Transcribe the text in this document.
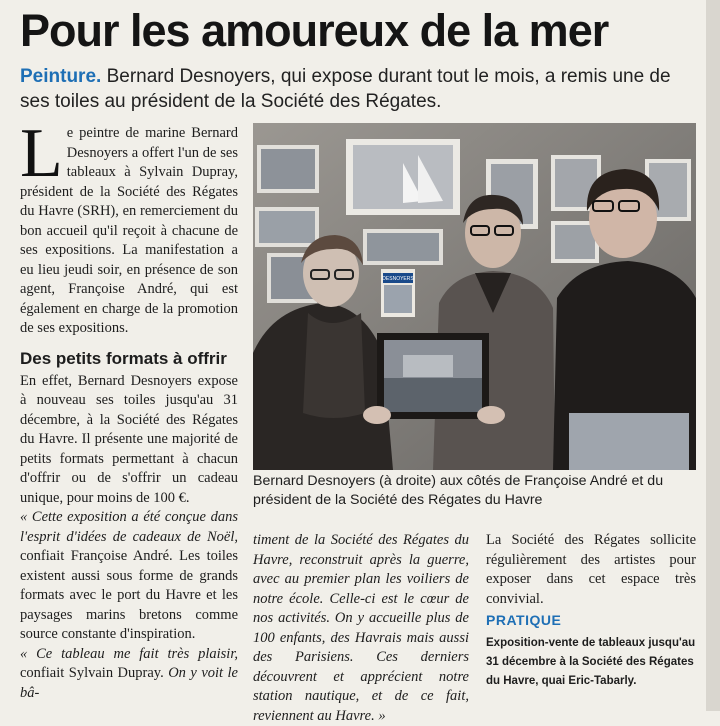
Pour les amoureux de la mer
Peinture. Bernard Desnoyers, qui expose durant tout le mois, a remis une de ses toiles au président de la Société des Régates.

Le peintre de marine Bernard Desnoyers a offert l'un de ses tableaux à Sylvain Dupray, président de la Société des Régates du Havre (SRH), en remerciement du bon accueil qu'il reçoit à chacune de ses expositions. La manifestation a eu lieu jeudi soir, en présence de son agent, Françoise André, qui est également en charge de la promotion de ses expositions.

Des petits formats à offrir

En effet, Bernard Desnoyers expose à nouveau ses toiles jusqu'au 31 décembre, à la Société des Régates du Havre. Il présente une majorité de petits formats permettant à chacun d'offrir ou de s'offrir un cadeau unique, pour moins de 100 €.

« Cette exposition a été conçue dans l'esprit d'idées de cadeaux de Noël, confiait Françoise André. Les toiles existent aussi sous forme de grands formats avec le port du Havre et les paysages marins bretons comme source constante d'inspiration.

« Ce tableau me fait très plaisir, confiait Sylvain Dupray. On y voit le bâ-

DESNOYERS
Bernard Desnoyers (à droite) aux côtés de Françoise André et du président de la Société des Régates du Havre
timent de la Société des Régates du Havre, reconstruit après la guerre, avec au premier plan les voiliers de notre école. Celle-ci est le cœur de nos activités. On y accueille plus de 100 enfants, des Havrais mais aussi des Parisiens. Ces derniers découvrent et apprécient notre station nautique, et de ce fait, reviennent au Havre. »
La Société des Régates sollicite régulièrement des artistes pour exposer dans cet espace très convivial.
PRATIQUE
Exposition-vente de tableaux jusqu'au 31 décembre à la Société des Régates du Havre, quai Eric-Tabarly.
